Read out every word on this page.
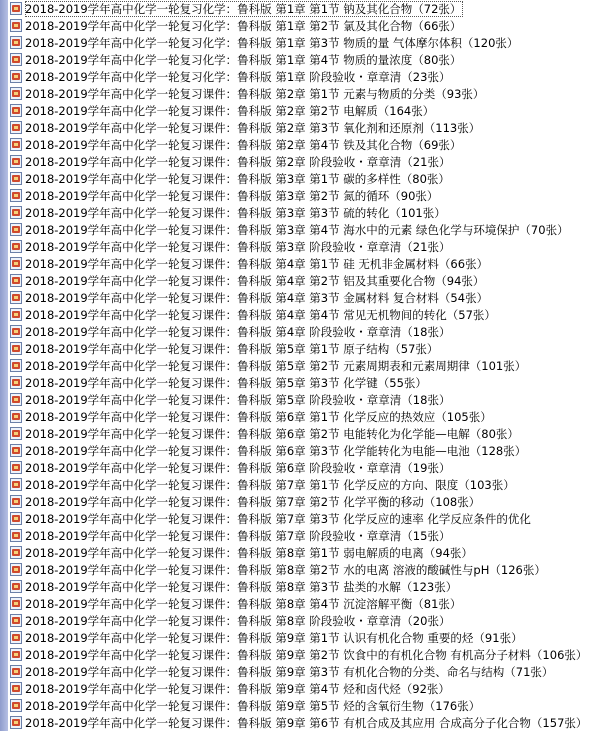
2018-2019学年高中化学一轮复习化学：鲁科版 第1章 第1节 钠及其化合物（72张）
2018-2019学年高中化学一轮复习化学：鲁科版 第1章 第2节 氯及其化合物（66张）
2018-2019学年高中化学一轮复习化学：鲁科版 第1章 第3节 物质的量 气体摩尔体积（120张）
2018-2019学年高中化学一轮复习化学：鲁科版 第1章 第4节 物质的量浓度（80张）
2018-2019学年高中化学一轮复习化学：鲁科版 第1章 阶段验收・章章清（23张）
2018-2019学年高中化学一轮复习课件：鲁科版 第2章 第1节 元素与物质的分类（93张）
2018-2019学年高中化学一轮复习课件：鲁科版 第2章 第2节 电解质（164张）
2018-2019学年高中化学一轮复习课件：鲁科版 第2章 第3节 氧化剂和还原剂（113张）
2018-2019学年高中化学一轮复习课件：鲁科版 第2章 第4节 铁及其化合物（69张）
2018-2019学年高中化学一轮复习课件：鲁科版 第2章 阶段验收・章章清（21张）
2018-2019学年高中化学一轮复习课件：鲁科版 第3章 第1节 碳的多样性（80张）
2018-2019学年高中化学一轮复习课件：鲁科版 第3章 第2节 氮的循环（90张）
2018-2019学年高中化学一轮复习课件：鲁科版 第3章 第3节 硫的转化（101张）
2018-2019学年高中化学一轮复习课件：鲁科版 第3章 第4节 海水中的元素 绿色化学与环境保护（70张）
2018-2019学年高中化学一轮复习课件：鲁科版 第3章 阶段验收・章章清（21张）
2018-2019学年高中化学一轮复习课件：鲁科版 第4章 第1节 硅 无机非金属材料（66张）
2018-2019学年高中化学一轮复习课件：鲁科版 第4章 第2节 铝及其重要化合物（94张）
2018-2019学年高中化学一轮复习课件：鲁科版 第4章 第3节 金属材料 复合材料（54张）
2018-2019学年高中化学一轮复习课件：鲁科版 第4章 第4节 常见无机物间的转化（57张）
2018-2019学年高中化学一轮复习课件：鲁科版 第4章 阶段验收・章章清（18张）
2018-2019学年高中化学一轮复习课件：鲁科版 第5章 第1节 原子结构（57张）
2018-2019学年高中化学一轮复习课件：鲁科版 第5章 第2节 元素周期表和元素周期律（101张）
2018-2019学年高中化学一轮复习课件：鲁科版 第5章 第3节 化学键（55张）
2018-2019学年高中化学一轮复习课件：鲁科版 第5章 阶段验收・章章清（18张）
2018-2019学年高中化学一轮复习课件：鲁科版 第6章 第1节 化学反应的热效应（105张）
2018-2019学年高中化学一轮复习课件：鲁科版 第6章 第2节 电能转化为化学能—电解（80张）
2018-2019学年高中化学一轮复习课件：鲁科版 第6章 第3节 化学能转化为电能—电池（128张）
2018-2019学年高中化学一轮复习课件：鲁科版 第6章 阶段验收・章章清（19张）
2018-2019学年高中化学一轮复习课件：鲁科版 第7章 第1节 化学反应的方向、限度（103张）
2018-2019学年高中化学一轮复习课件：鲁科版 第7章 第2节 化学平衡的移动（108张）
2018-2019学年高中化学一轮复习课件：鲁科版 第7章 第3节 化学反应的速率 化学反应条件的优化
2018-2019学年高中化学一轮复习课件：鲁科版 第7章 阶段验收・章章清（15张）
2018-2019学年高中化学一轮复习课件：鲁科版 第8章 第1节 弱电解质的电离（94张）
2018-2019学年高中化学一轮复习课件：鲁科版 第8章 第2节 水的电离 溶液的酸碱性与pH（126张）
2018-2019学年高中化学一轮复习课件：鲁科版 第8章 第3节 盐类的水解（123张）
2018-2019学年高中化学一轮复习课件：鲁科版 第8章 第4节 沉淀溶解平衡（81张）
2018-2019学年高中化学一轮复习课件：鲁科版 第8章 阶段验收・章章清（20张）
2018-2019学年高中化学一轮复习课件：鲁科版 第9章 第1节 认识有机化合物 重要的烃（91张）
2018-2019学年高中化学一轮复习课件：鲁科版 第9章 第2节 饮食中的有机化合物 有机高分子材料（106张）
2018-2019学年高中化学一轮复习课件：鲁科版 第9章 第3节 有机化合物的分类、命名与结构（71张）
2018-2019学年高中化学一轮复习课件：鲁科版 第9章 第4节 烃和卤代烃（92张）
2018-2019学年高中化学一轮复习课件：鲁科版 第9章 第5节 烃的含氧衍生物（176张）
2018-2019学年高中化学一轮复习课件：鲁科版 第9章 第6节 有机合成及其应用 合成高分子化合物（157张）
